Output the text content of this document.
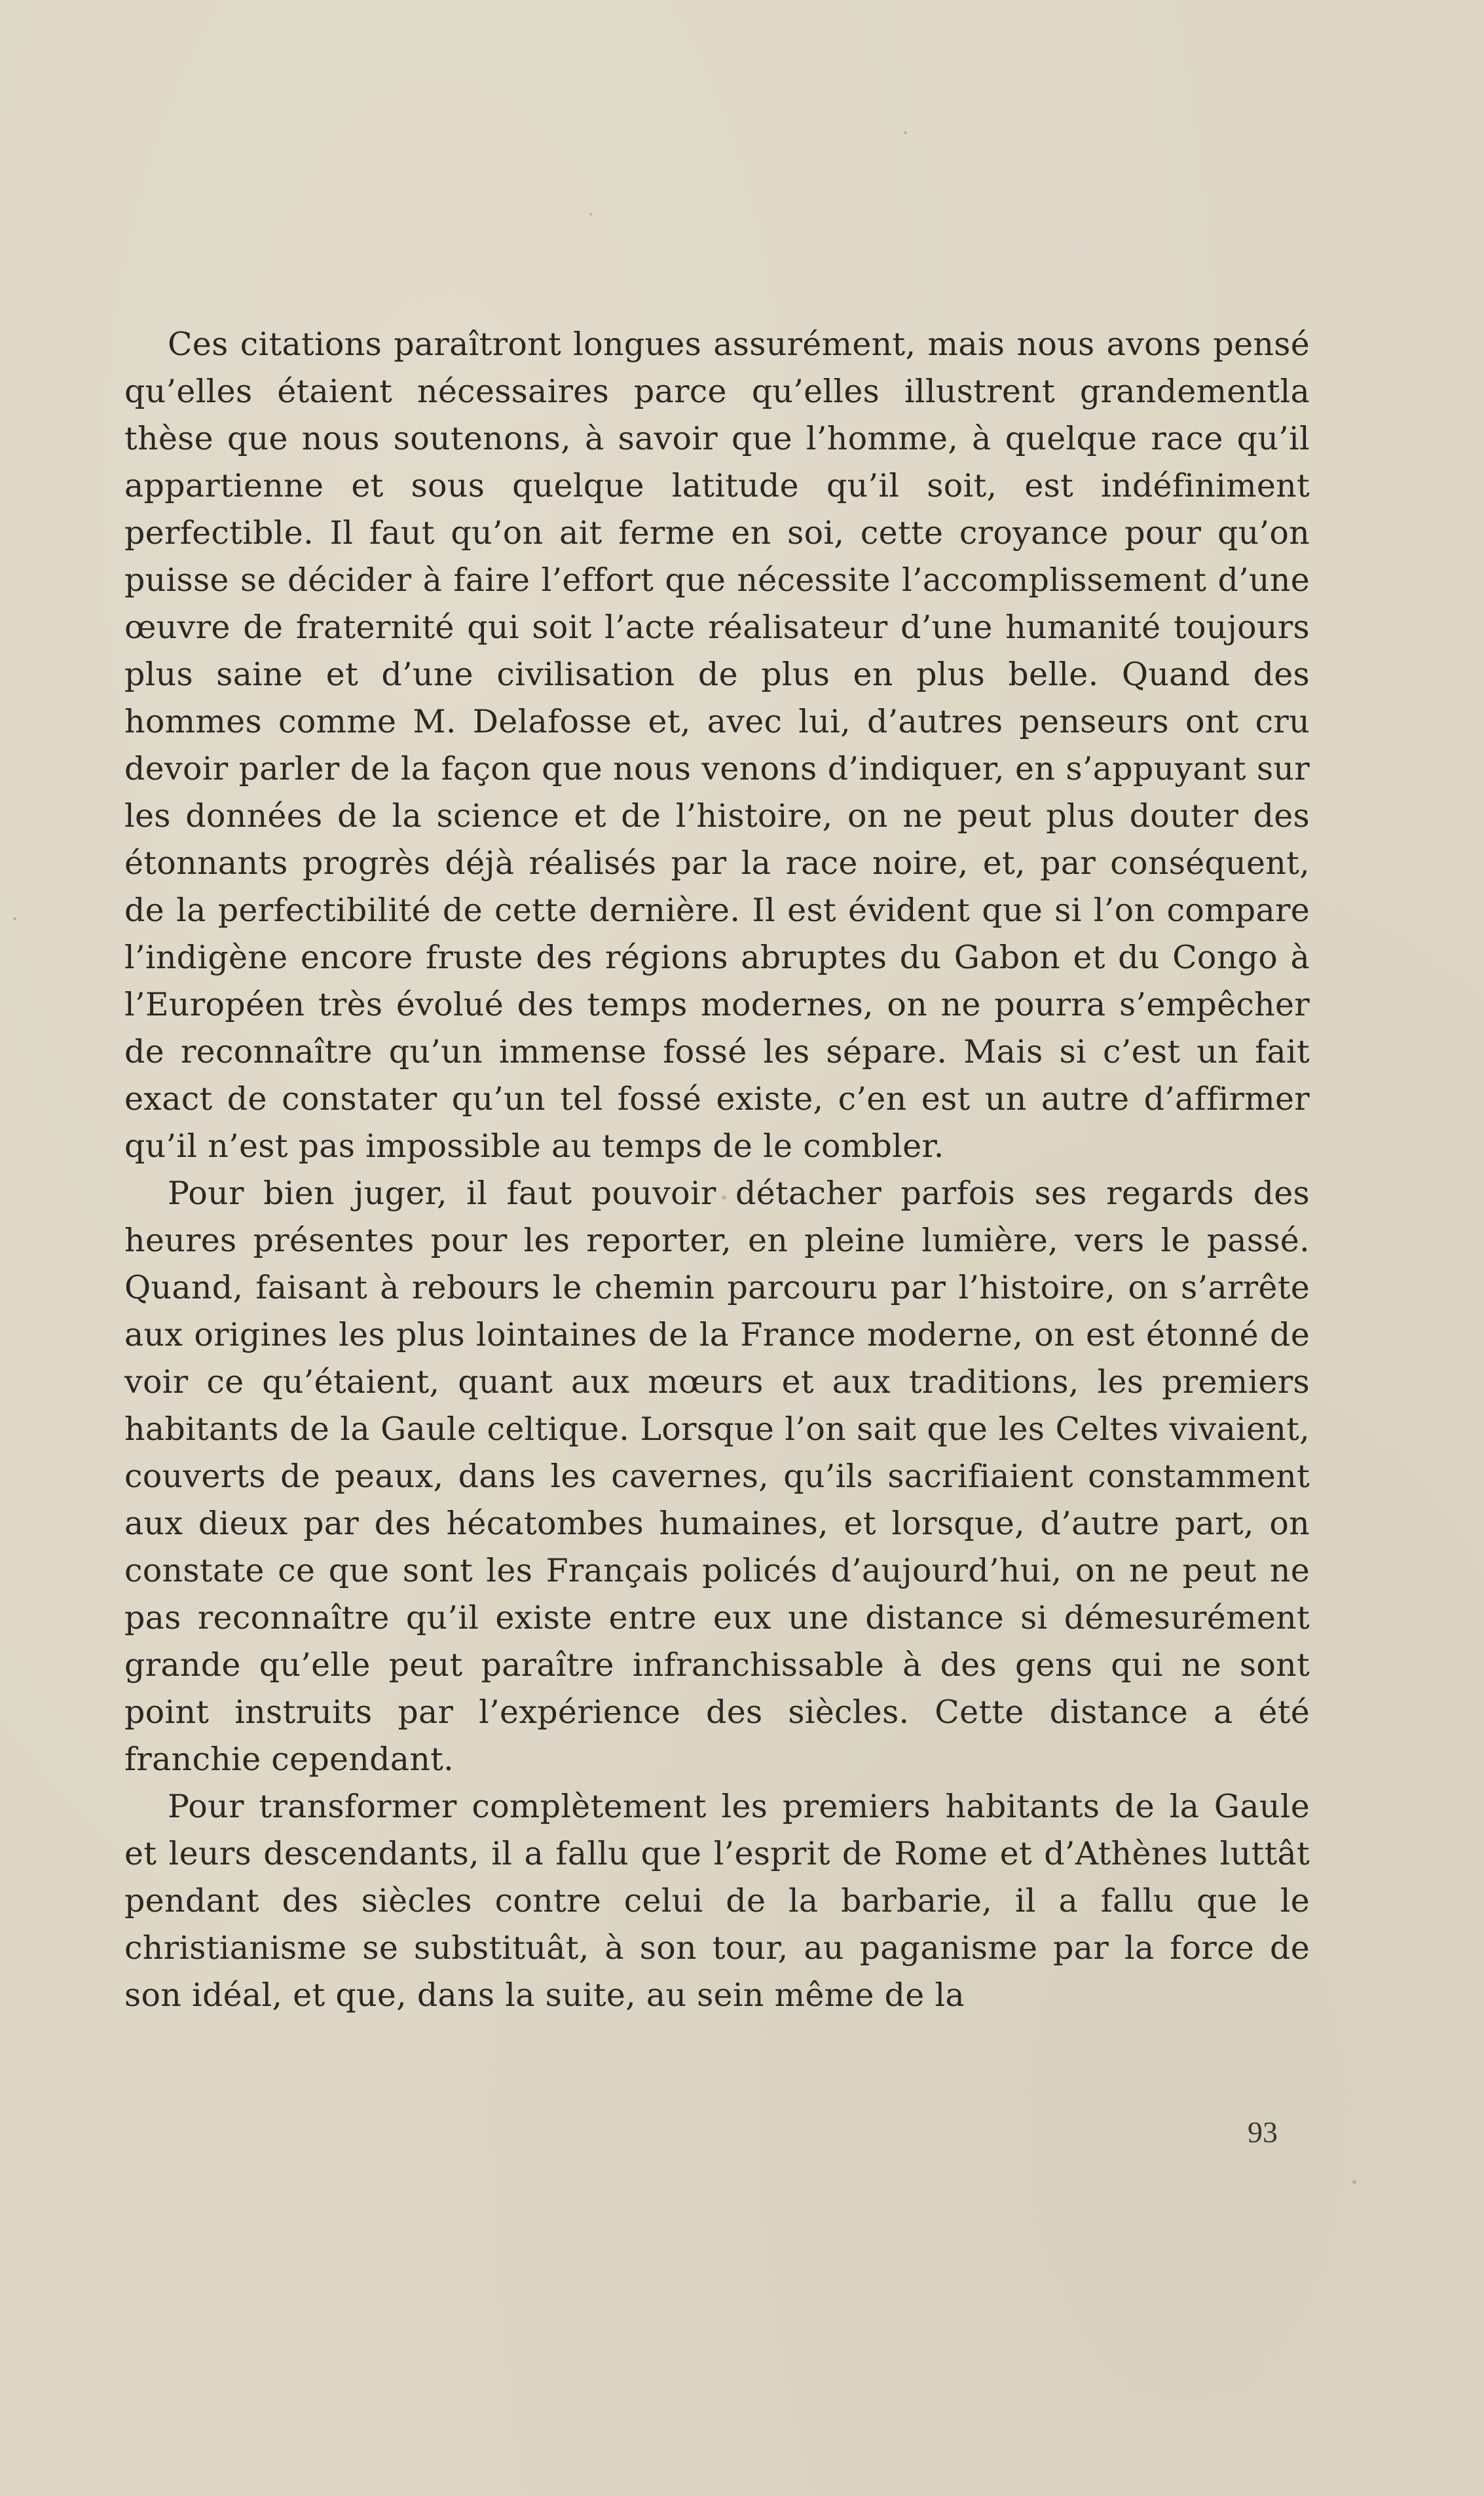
Ces citations paraîtront longues assurément, mais nous avons pensé qu’elles étaient nécessaires parce qu’elles illustrent grandementla thèse que nous soutenons, à savoir que l’homme, à quelque race qu’il appartienne et sous quelque latitude qu’il soit, est indéfiniment perfectible. Il faut qu’on ait ferme en soi, cette croyance pour qu’on puisse se décider à faire l’effort que nécessite l’accomplissement d’une œuvre de fraternité qui soit l’acte réalisateur d’une humanité toujours plus saine et d’une civilisation de plus en plus belle. Quand des hommes comme M. Delafosse et, avec lui, d’autres penseurs ont cru devoir parler de la façon que nous venons d’indiquer, en s’appuyant sur les données de la science et de l’histoire, on ne peut plus douter des étonnants progrès déjà réalisés par la race noire, et, par conséquent, de la perfectibilité de cette dernière. Il est évident que si l’on compare l’indigène encore fruste des régions abruptes du Gabon et du Congo à l’Européen très évolué des temps modernes, on ne pourra s’empêcher de reconnaître qu’un immense fossé les sépare. Mais si c’est un fait exact de constater qu’un tel fossé existe, c’en est un autre d’affirmer qu’il n’est pas impossible au temps de le combler.

Pour bien juger, il faut pouvoir détacher parfois ses regards des heures présentes pour les reporter, en pleine lumière, vers le passé. Quand, faisant à rebours le chemin parcouru par l’histoire, on s’arrête aux origines les plus lointaines de la France moderne, on est étonné de voir ce qu’étaient, quant aux mœurs et aux traditions, les premiers habitants de la Gaule celtique. Lorsque l’on sait que les Celtes vivaient, couverts de peaux, dans les cavernes, qu’ils sacrifiaient constamment aux dieux par des hécatombes humaines, et lorsque, d’autre part, on constate ce que sont les Français policés d’aujourd’hui, on ne peut ne pas reconnaître qu’il existe entre eux une distance si démesurément grande qu’elle peut paraître infranchissable à des gens qui ne sont point instruits par l’expérience des siècles. Cette distance a été franchie cependant.

Pour transformer complètement les premiers habitants de la Gaule et leurs descendants, il a fallu que l’esprit de Rome et d’Athènes luttât pendant des siècles contre celui de la barbarie, il a fallu que le christianisme se substituât, à son tour, au paganisme par la force de son idéal, et que, dans la suite, au sein même de la

93
